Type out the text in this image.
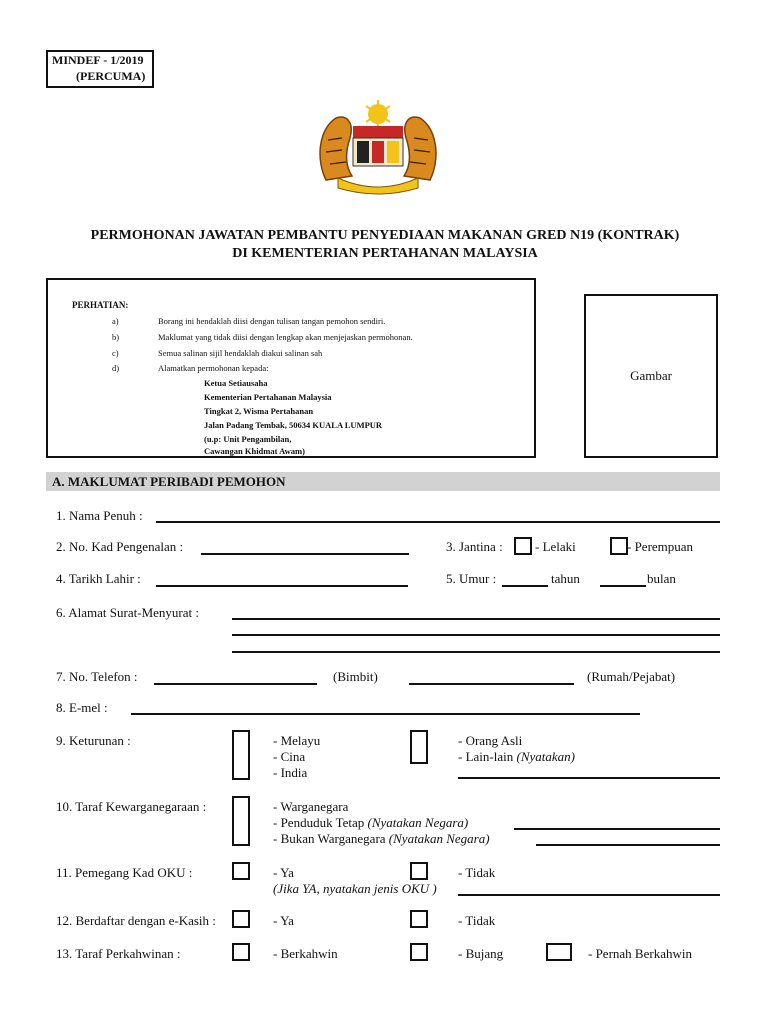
MINDEF - 1/2019
(PERCUMA)
PERMOHONAN JAWATAN PEMBANTU PENYEDIAAN MAKANAN GRED N19 (KONTRAK)
DI KEMENTERIAN PERTAHANAN MALAYSIA
PERHATIAN:
a)	Borang ini hendaklah diisi dengan tulisan tangan pemohon sendiri.
b)	Maklumat yang tidak diisi dengan lengkap akan menjejaskan permohonan.
c)	Semua salinan sijil hendaklah diakui salinan sah
d)	Alamatkan permohonan kepada:
Ketua Setiausaha
Kementerian Pertahanan Malaysia
Tingkat 2, Wisma Pertahanan
Jalan Padang Tembak, 50634 KUALA LUMPUR
(u.p: Unit Pengambilan,
Cawangan Khidmat Awam)
Gambar
A. MAKLUMAT PERIBADI PEMOHON
1. Nama Penuh :
2. No. Kad Pengenalan :	3. Jantina : - Lelaki	- Perempuan
4. Tarikh Lahir :	5. Umur :	tahun	bulan
6. Alamat Surat-Menyurat :
7. No. Telefon :	(Bimbit)	(Rumah/Pejabat)
8. E-mel :
9. Keturunan :	- Melayu
- Cina
- India
- Orang Asli
- Lain-lain (Nyatakan)
10. Taraf Kewarganegaraan :	- Warganegara
- Penduduk Tetap (Nyatakan Negara)
- Bukan Warganegara (Nyatakan Negara)
11. Pemegang Kad OKU :	- Ya	- Tidak
(Jika YA, nyatakan jenis OKU )
12. Berdaftar dengan e-Kasih :	- Ya	- Tidak
13. Taraf Perkahwinan :	- Berkahwin	- Bujang	- Pernah Berkahwin
